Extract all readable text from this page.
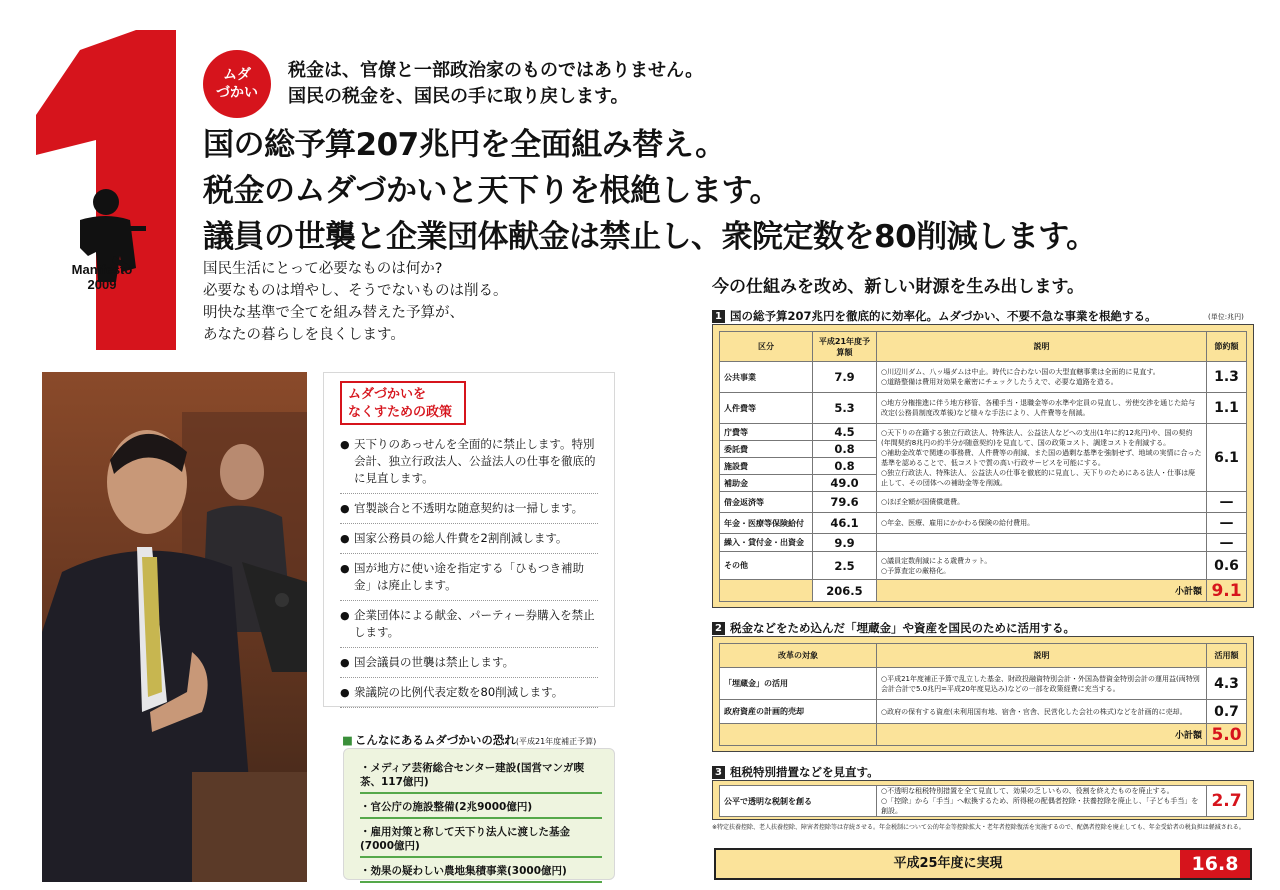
Manifesto
2009
ムダ
づかい
税金は、官僚と一部政治家のものではありません。
国民の税金を、国民の手に取り戻します。
国の総予算207兆円を全面組み替え。
税金のムダづかいと天下りを根絶します。
議員の世襲と企業団体献金は禁止し、衆院定数を80削減します。
国民生活にとって必要なものは何か?
必要なものは増やし、そうでないものは削る。
明快な基準で全てを組み替えた予算が、
あなたの暮らしを良くします。
ムダづかいを
なくすための政策
● 天下りのあっせんを全面的に禁止します。特別会計、独立行政法人、公益法人の仕事を徹底的に見直します。
● 官製談合と不透明な随意契約は一掃します。
● 国家公務員の総人件費を2割削減します。
● 国が地方に使い途を指定する「ひもつき補助金」は廃止します。
● 企業団体による献金、パーティー券購入を禁止します。
● 国会議員の世襲は禁止します。
● 衆議院の比例代表定数を80削減します。
■ こんなにあるムダづかいの恐れ(平成21年度補正予算)
・メディア芸術総合センター建設(国営マンガ喫茶、117億円)
・官公庁の施設整備(2兆9000億円)
・雇用対策と称して天下り法人に渡した基金(7000億円)
・効果の疑わしい農地集積事業(3000億円)
今の仕組みを改め、新しい財源を生み出します。
1 国の総予算207兆円を徹底的に効率化。ムダづかい、不要不急な事業を根絶する。	(単位:兆円)
区分	平成21年度予算額	説明	節約額
公共事業	7.9	○川辺川ダム、八ッ場ダムは中止。時代に合わない国の大型直轄事業は全面的に見直す。
○道路整備は費用対効果を厳密にチェックしたうえで、必要な道路を造る。	1.3
人件費等	5.3	○地方分権推進に伴う地方移管、各種手当・退職金等の水準や定員の見直し、労使交渉を通じた給与改定(公務員制度改革後)など様々な手法により、人件費等を削減。	1.1
庁費等	4.5	○天下りの在籍する独立行政法人、特殊法人、公益法人などへの支出(1年に約12兆円)や、国の契約(年間契約8兆円の約半分が随意契約)を見直して、国の政策コスト、調達コストを削減する。
○補助金改革で関連の事務費、人件費等の削減、また国の過剰な基準を強制せず、地域の実情に合った基準を認めることで、低コストで質の高い行政サービスを可能にする。
○独立行政法人、特殊法人、公益法人の仕事を徹底的に見直し、天下りのためにある法人・仕事は廃止して、その団体への補助金等を削減。	6.1
委託費	0.8		
施設費	0.8		
補助金	49.0		
借金返済等	79.6	○ほぼ全額が国債償還費。	—
年金・医療等保険給付	46.1	○年金、医療、雇用にかかわる保険の給付費用。	—
繰入・貸付金・出資金	9.9		—
その他	2.5	○議員定数削減による歳費カット。
○予算査定の厳格化。	0.6
	206.5	小計額	9.1
2 税金などをため込んだ「埋蔵金」や資産を国民のために活用する。
改革の対象	説明	活用額
「埋蔵金」の活用	○平成21年度補正予算で乱立した基金、財政投融資特別会計・外国為替資金特別会計の運用益(両特別会計合計で5.0兆円=平成20年度見込み)などの一部を政策経費に充当する。	4.3
政府資産の計画的売却	○政府の保有する資産(未利用国有地、宿舎・官舎、民営化した会社の株式)などを計画的に売却。	0.7
	小計額	5.0
3 租税特別措置などを見直す。
公平で透明な税制を創る	○不透明な租税特別措置を全て見直して、効果の乏しいもの、役割を終えたものを廃止する。
○「控除」から「手当」へ転換するため、所得税の配偶者控除・扶養控除を廃止し、「子ども手当」を創設。	2.7
※特定扶養控除、老人扶養控除、障害者控除等は存続させる。年金税制について公的年金等控除拡大・老年者控除復活を実施するので、配偶者控除を廃止しても、年金受給者の税負担は軽減される。
平成25年度に実現	16.8
